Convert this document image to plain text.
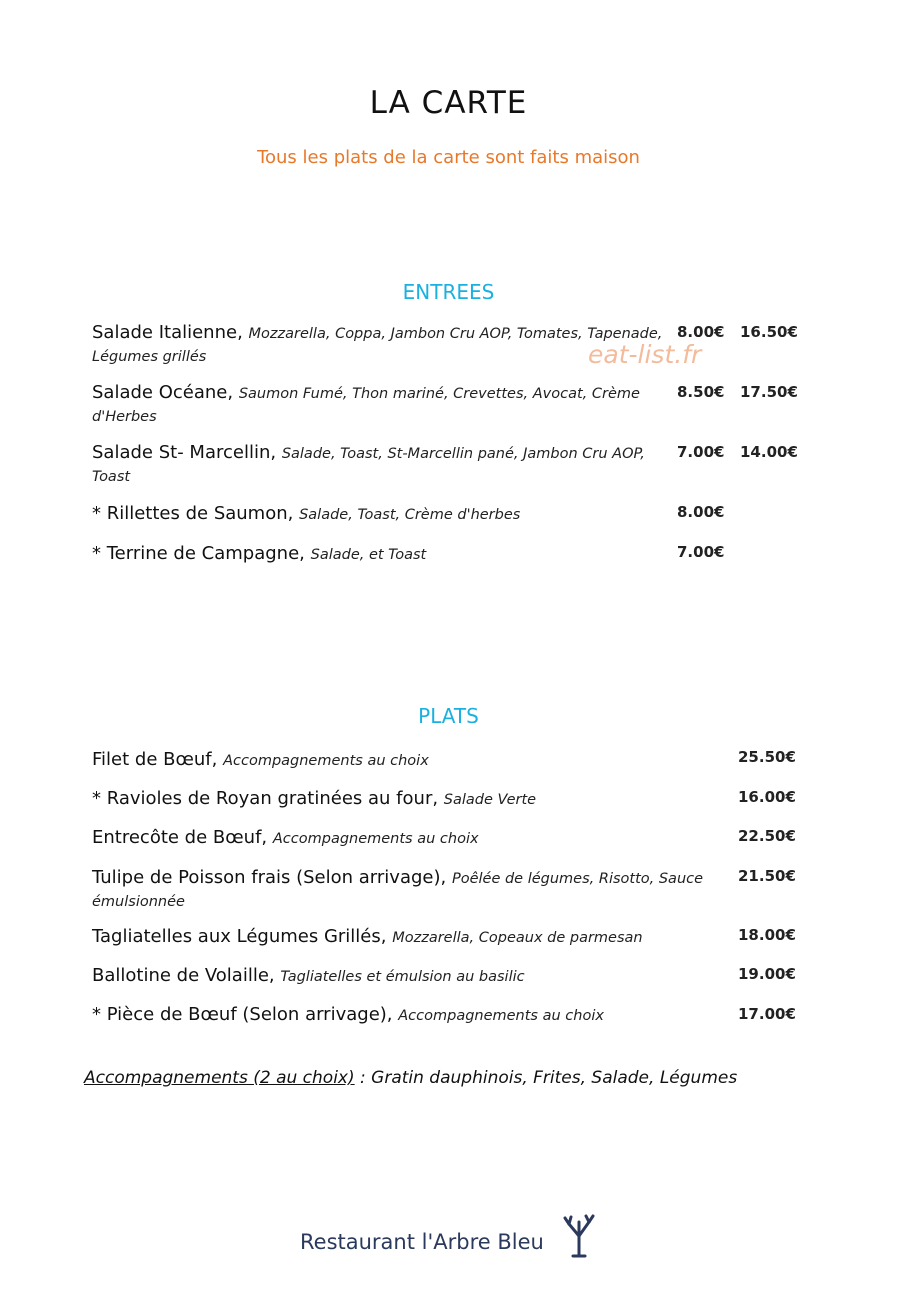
LA CARTE
Tous les plats de la carte sont faits maison
eat-list.fr
ENTREES
Salade Italienne, Mozzarella, Coppa, Jambon Cru AOP, Tomates, Tapenade, Légumes grillés
8.00€ 16.50€
Salade Océane, Saumon Fumé, Thon mariné, Crevettes, Avocat, Crème d'Herbes
8.50€ 17.50€
Salade St- Marcellin, Salade, Toast, St-Marcellin pané, Jambon Cru AOP, Toast
7.00€ 14.00€
* Rillettes de Saumon, Salade, Toast, Crème d'herbes	8.00€
* Terrine de Campagne, Salade, et Toast	7.00€
PLATS
Filet de Bœuf, Accompagnements au choix	25.50€
* Ravioles de Royan gratinées au four, Salade Verte	16.00€
Entrecôte de Bœuf, Accompagnements au choix	22.50€
Tulipe de Poisson frais (Selon arrivage), Poêlée de légumes, Risotto, Sauce émulsionnée
21.50€
Tagliatelles aux Légumes Grillés, Mozzarella, Copeaux de parmesan	18.00€
Ballotine de Volaille, Tagliatelles et émulsion au basilic	19.00€
* Pièce de Bœuf (Selon arrivage), Accompagnements au choix	17.00€
Accompagnements (2 au choix) : Gratin dauphinois, Frites, Salade, Légumes
Restaurant l'Arbre Bleu
